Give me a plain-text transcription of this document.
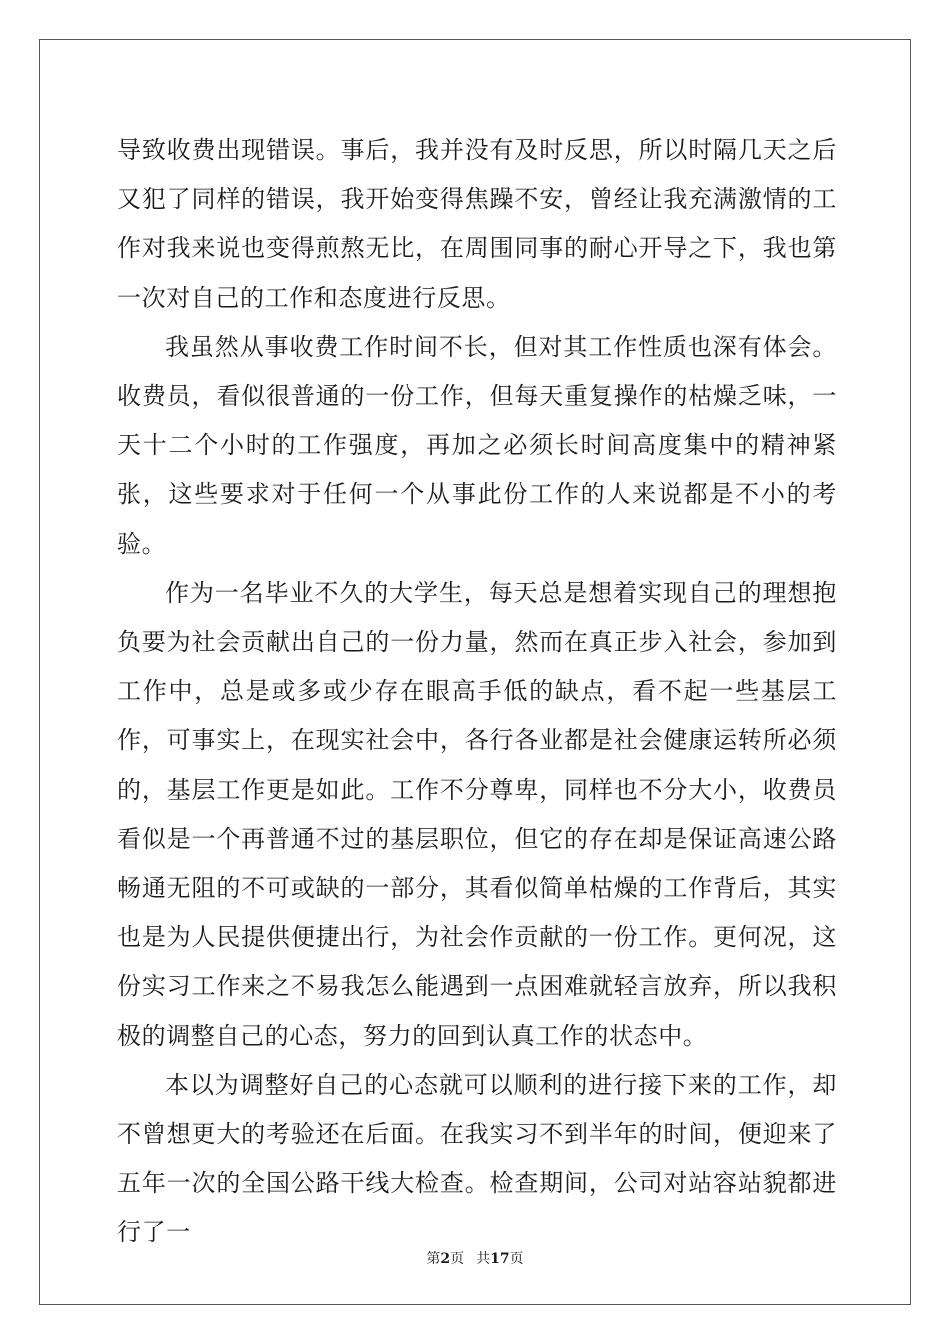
导致收费出现错误。事后，我并没有及时反思，所以时隔几天之后又犯了同样的错误，我开始变得焦躁不安，曾经让我充满激情的工作对我来说也变得煎熬无比，在周围同事的耐心开导之下，我也第一次对自己的工作和态度进行反思。

我虽然从事收费工作时间不长，但对其工作性质也深有体会。收费员，看似很普通的一份工作，但每天重复操作的枯燥乏味，一天十二个小时的工作强度，再加之必须长时间高度集中的精神紧张，这些要求对于任何一个从事此份工作的人来说都是不小的考验。

作为一名毕业不久的大学生，每天总是想着实现自己的理想抱负要为社会贡献出自己的一份力量，然而在真正步入社会，参加到工作中，总是或多或少存在眼高手低的缺点，看不起一些基层工作，可事实上，在现实社会中，各行各业都是社会健康运转所必须的，基层工作更是如此。工作不分尊卑，同样也不分大小，收费员看似是一个再普通不过的基层职位，但它的存在却是保证高速公路畅通无阻的不可或缺的一部分，其看似简单枯燥的工作背后，其实也是为人民提供便捷出行，为社会作贡献的一份工作。更何况，这份实习工作来之不易我怎么能遇到一点困难就轻言放弃，所以我积极的调整自己的心态，努力的回到认真工作的状态中。

本以为调整好自己的心态就可以顺利的进行接下来的工作，却不曾想更大的考验还在后面。在我实习不到半年的时间，便迎来了五年一次的全国公路干线大检查。检查期间，公司对站容站貌都进行了一

第2页 共17页
